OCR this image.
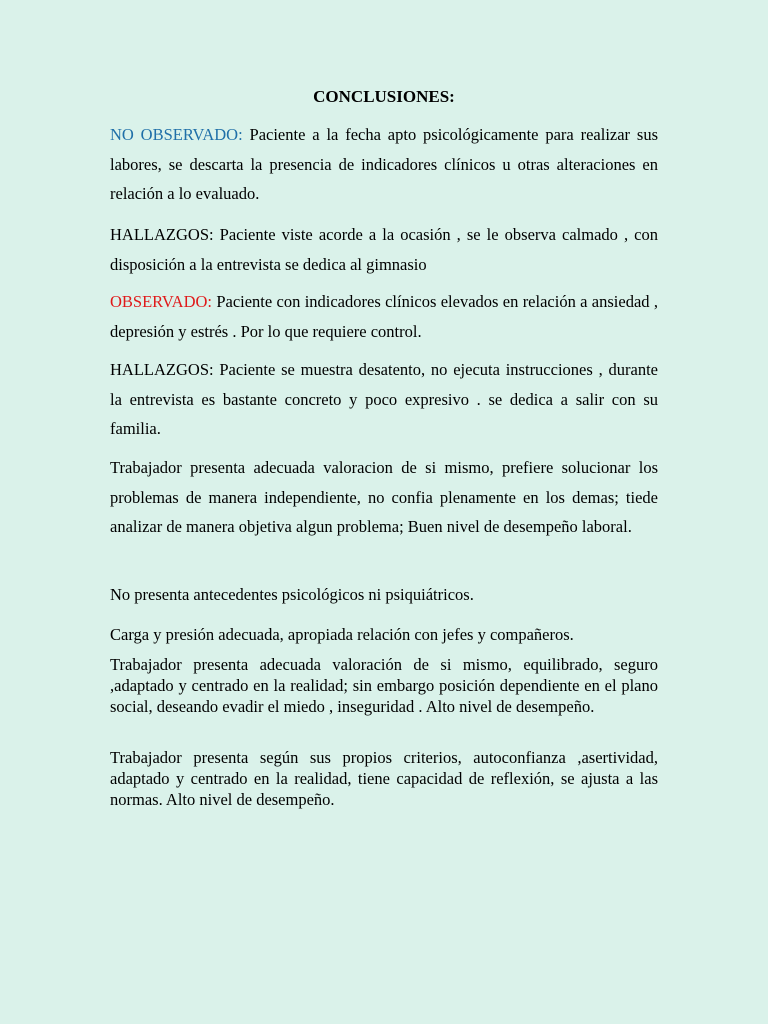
CONCLUSIONES:

NO OBSERVADO: Paciente a la fecha apto psicológicamente para realizar sus labores, se descarta la presencia de indicadores clínicos u otras alteraciones en relación a lo evaluado.

HALLAZGOS: Paciente viste acorde a la ocasión , se le observa calmado , con disposición a la entrevista se dedica al gimnasio

OBSERVADO: Paciente con indicadores clínicos elevados en relación a ansiedad , depresión y estrés . Por lo que requiere control.

HALLAZGOS: Paciente se muestra desatento, no ejecuta instrucciones , durante la entrevista es bastante concreto y poco expresivo . se dedica a salir con su familia.

Trabajador presenta adecuada valoracion de si mismo, prefiere solucionar los problemas de manera independiente, no confia plenamente en los demas; tiede analizar de manera objetiva algun problema; Buen nivel de desempeño laboral.

No presenta antecedentes psicológicos ni psiquiátricos.

Carga y presión adecuada, apropiada relación con jefes y compañeros.

Trabajador presenta adecuada valoración de si mismo, equilibrado, seguro ,adaptado y centrado en la realidad; sin embargo posición dependiente en el plano social, deseando evadir el miedo , inseguridad . Alto nivel de desempeño.

Trabajador presenta según sus propios criterios, autoconfianza ,asertividad, adaptado y centrado en la realidad, tiene capacidad de reflexión, se ajusta a las normas. Alto nivel de desempeño.
